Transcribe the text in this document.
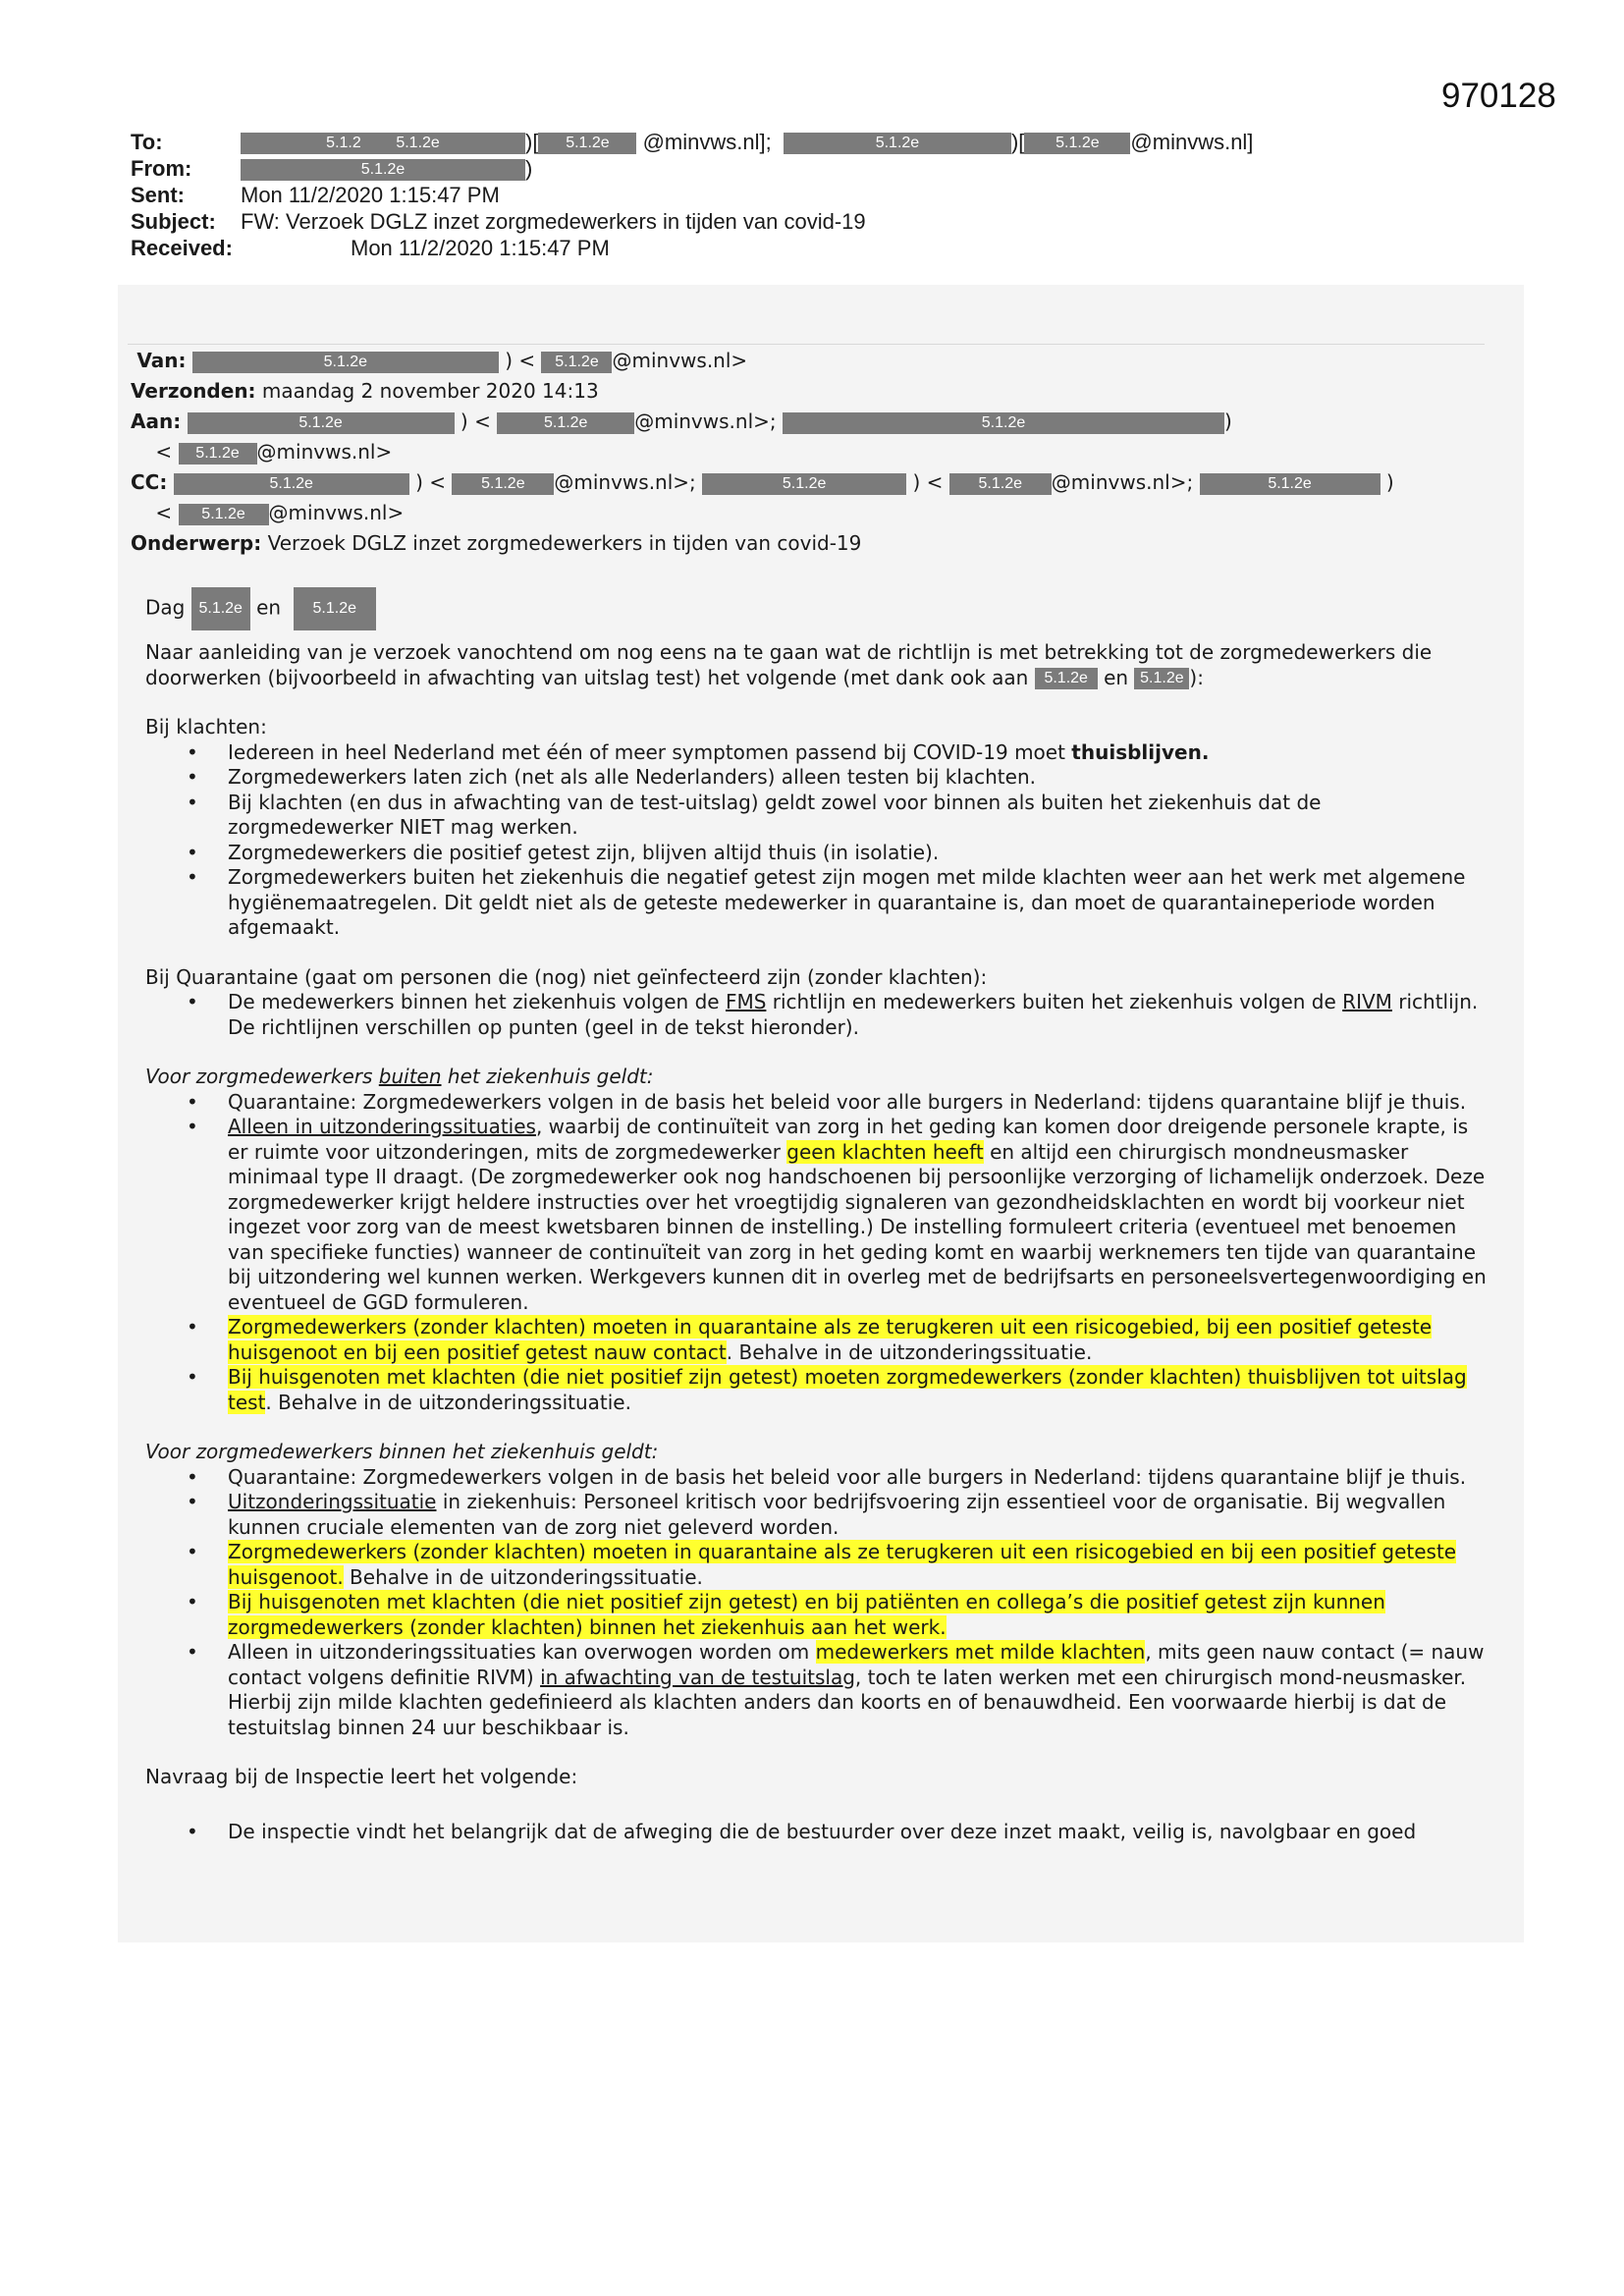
970128
To:	5.1.2 5.1.2e	)[ 5.1.2e @minvws.nl];	5.1.2e	)[ 5.1.2e @minvws.nl]
From:	5.1.2e	)
Sent:	Mon 11/2/2020 1:15:47 PM
Subject: FW: Verzoek DGLZ inzet zorgmedewerkers in tijden van covid-19
Received:	Mon 11/2/2020 1:15:47 PM
Van:	5.1.2e	) < 5.1.2e @minvws.nl>
Verzonden: maandag 2 november 2020 14:13
Aan:	5.1.2e	) <	5.1.2e @minvws.nl>;	5.1.2e	)
< 5.1.2e @minvws.nl>
CC:	5.1.2e	) < 5.1.2e @minvws.nl>;	5.1.2e	) < 5.1.2e @minvws.nl>;	5.1.2e	)
< 5.1.2e @minvws.nl>
Onderwerp: Verzoek DGLZ inzet zorgmedewerkers in tijden van covid-19

Dag 5.1.2e en 5.1.2e

Naar aanleiding van je verzoek vanochtend om nog eens na te gaan wat de richtlijn is met betrekking tot de zorgmedewerkers die doorwerken (bijvoorbeeld in afwachting van uitslag test) het volgende (met dank ook aan 5.1.2e en 5.1.2e ):

Bij klachten:

• Iedereen in heel Nederland met één of meer symptomen passend bij COVID-19 moet thuisblijven.
• Zorgmedewerkers laten zich (net als alle Nederlanders) alleen testen bij klachten.
• Bij klachten (en dus in afwachting van de test-uitslag) geldt zowel voor binnen als buiten het ziekenhuis dat de zorgmedewerker NIET mag werken.
• Zorgmedewerkers die positief getest zijn, blijven altijd thuis (in isolatie).
• Zorgmedewerkers buiten het ziekenhuis die negatief getest zijn mogen met milde klachten weer aan het werk met algemene hygiënemaatregelen. Dit geldt niet als de geteste medewerker in quarantaine is, dan moet de quarantaineperiode worden afgemaakt.

Bij Quarantaine (gaat om personen die (nog) niet geïnfecteerd zijn (zonder klachten):

• De medewerkers binnen het ziekenhuis volgen de FMS richtlijn en medewerkers buiten het ziekenhuis volgen de RIVM richtlijn. De richtlijnen verschillen op punten (geel in de tekst hieronder).

Voor zorgmedewerkers buiten het ziekenhuis geldt:

• Quarantaine: Zorgmedewerkers volgen in de basis het beleid voor alle burgers in Nederland: tijdens quarantaine blijf je thuis.
• Alleen in uitzonderingssituaties, waarbij de continuïteit van zorg in het geding kan komen door dreigende personele krapte, is er ruimte voor uitzonderingen, mits de zorgmedewerker geen klachten heeft en altijd een chirurgisch mondneusmasker minimaal type II draagt. (De zorgmedewerker ook nog handschoenen bij persoonlijke verzorging of lichamelijk onderzoek. Deze zorgmedewerker krijgt heldere instructies over het vroegtijdig signaleren van gezondheidsklachten en wordt bij voorkeur niet ingezet voor zorg van de meest kwetsbaren binnen de instelling.) De instelling formuleert criteria (eventueel met benoemen van specifieke functies) wanneer de continuïteit van zorg in het geding komt en waarbij werknemers ten tijde van quarantaine bij uitzondering wel kunnen werken. Werkgevers kunnen dit in overleg met de bedrijfsarts en personeelsvertegenwoordiging en eventueel de GGD formuleren.
• Zorgmedewerkers (zonder klachten) moeten in quarantaine als ze terugkeren uit een risicogebied, bij een positief geteste huisgenoot en bij een positief getest nauw contact. Behalve in de uitzonderingssituatie.
• Bij huisgenoten met klachten (die niet positief zijn getest) moeten zorgmedewerkers (zonder klachten) thuisblijven tot uitslag test. Behalve in de uitzonderingssituatie.

Voor zorgmedewerkers binnen het ziekenhuis geldt:

• Quarantaine: Zorgmedewerkers volgen in de basis het beleid voor alle burgers in Nederland: tijdens quarantaine blijf je thuis.
• Uitzonderingssituatie in ziekenhuis: Personeel kritisch voor bedrijfsvoering zijn essentieel voor de organisatie. Bij wegvallen kunnen cruciale elementen van de zorg niet geleverd worden.
• Zorgmedewerkers (zonder klachten) moeten in quarantaine als ze terugkeren uit een risicogebied en bij een positief geteste huisgenoot. Behalve in de uitzonderingssituatie.
• Bij huisgenoten met klachten (die niet positief zijn getest) en bij patiënten en collega’s die positief getest zijn kunnen zorgmedewerkers (zonder klachten) binnen het ziekenhuis aan het werk.
• Alleen in uitzonderingssituaties kan overwogen worden om medewerkers met milde klachten, mits geen nauw contact (= nauw contact volgens definitie RIVM) in afwachting van de testuitslag, toch te laten werken met een chirurgisch mond-neusmasker. Hierbij zijn milde klachten gedefinieerd als klachten anders dan koorts en of benauwdheid. Een voorwaarde hierbij is dat de testuitslag binnen 24 uur beschikbaar is.

Navraag bij de Inspectie leert het volgende:

• De inspectie vindt het belangrijk dat de afweging die de bestuurder over deze inzet maakt, veilig is, navolgbaar en goed
